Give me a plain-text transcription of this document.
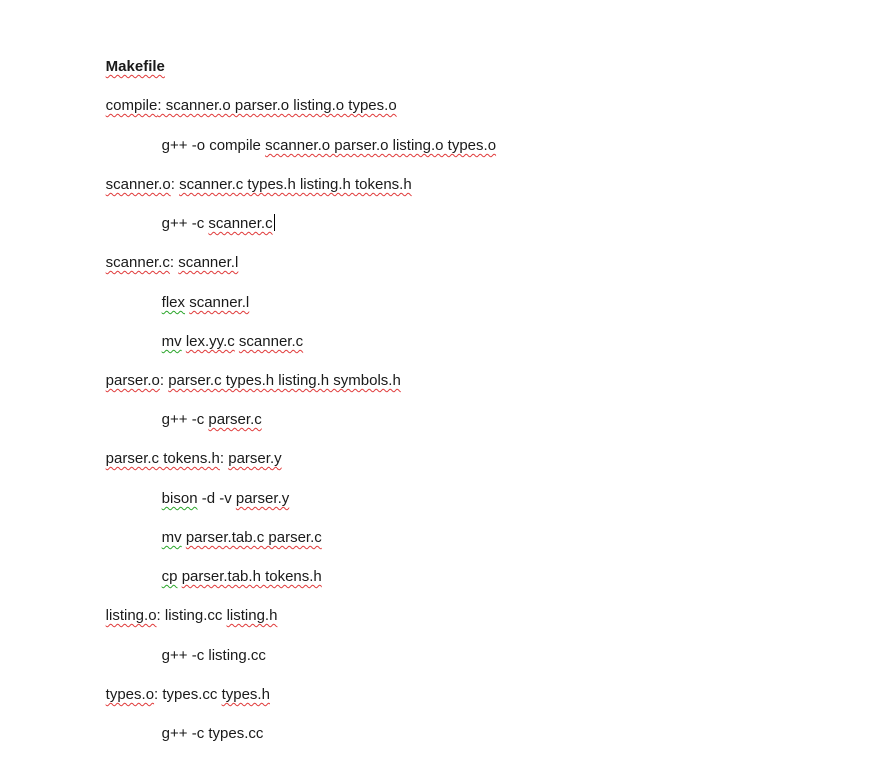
Makefile

compile: scanner.o parser.o listing.o types.o

g++ -o compile scanner.o parser.o listing.o types.o

scanner.o: scanner.c types.h listing.h tokens.h

g++ -c scanner.c

scanner.c: scanner.l

flex scanner.l

mv lex.yy.c scanner.c

parser.o: parser.c types.h listing.h symbols.h

g++ -c parser.c

parser.c tokens.h: parser.y

bison -d -v parser.y

mv parser.tab.c parser.c

cp parser.tab.h tokens.h

listing.o: listing.cc listing.h

g++ -c listing.cc

types.o: types.cc types.h

g++ -c types.cc
